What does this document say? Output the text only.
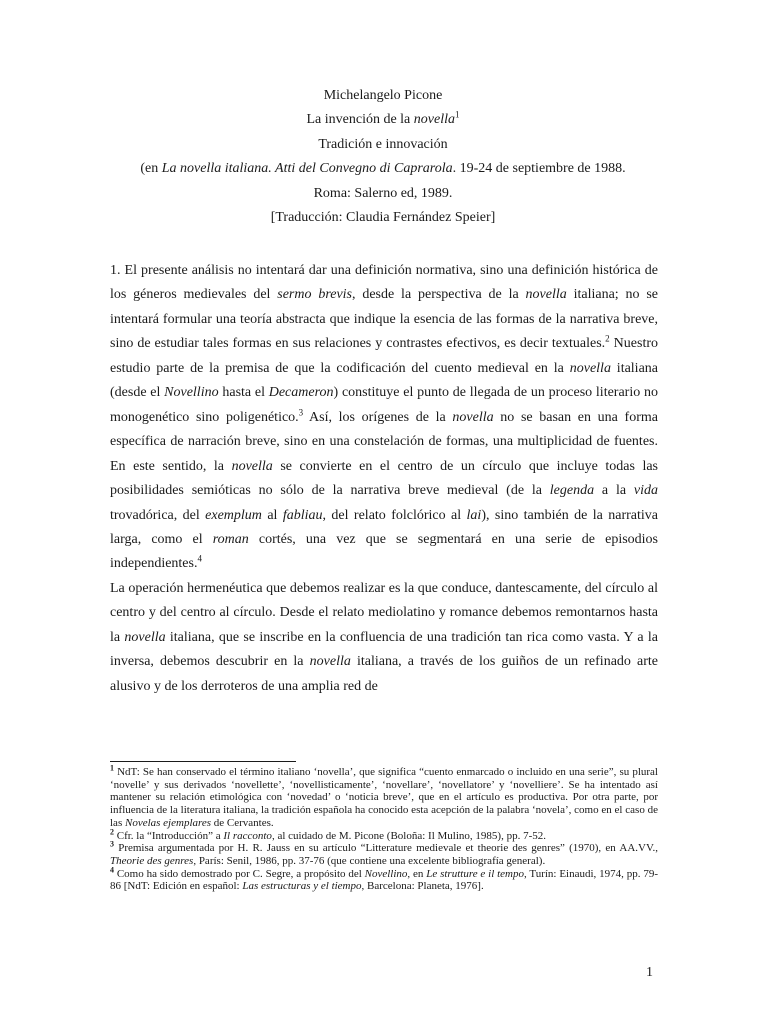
Michelangelo Picone
La invención de la novella$^1$
Tradición e innovación
(en La novella italiana. Atti del Convegno di Caprarola. 19-24 de septiembre de 1988.
Roma: Salerno ed, 1989.
[Traducción: Claudia Fernández Speier]

1. El presente análisis no intentará dar una definición normativa, sino una definición histórica de los géneros medievales del sermo brevis, desde la perspectiva de la novella italiana; no se intentará formular una teoría abstracta que indique la esencia de las formas de la narrativa breve, sino de estudiar tales formas en sus relaciones y contrastes efectivos, es decir textuales.$^2$ Nuestro estudio parte de la premisa de que la codificación del cuento medieval en la novella italiana (desde el Novellino hasta el Decameron) constituye el punto de llegada de un proceso literario no monogenético sino poligenético.$^3$ Así, los orígenes de la novella no se basan en una forma específica de narración breve, sino en una constelación de formas, una multiplicidad de fuentes. En este sentido, la novella se convierte en el centro de un círculo que incluye todas las posibilidades semióticas no sólo de la narrativa breve medieval (de la legenda a la vida trovadórica, del exemplum al fabliau, del relato folclórico al lai), sino también de la narrativa larga, como el roman cortés, una vez que se segmentará en una serie de episodios independientes.$^4$

La operación hermenéutica que debemos realizar es la que conduce, dantescamente, del círculo al centro y del centro al círculo. Desde el relato mediolatino y romance debemos remontarnos hasta la novella italiana, que se inscribe en la confluencia de una tradición tan rica como vasta. Y a la inversa, debemos descubrir en la novella italiana, a través de los guiños de un refinado arte alusivo y de los derroteros de una amplia red de

$^1$ NdT: Se han conservado el término italiano ‘novella’, que significa “cuento enmarcado o incluido en una serie”, su plural ‘novelle’ y sus derivados ‘novellette’, ‘novellisticamente’, ‘novellare’, ‘novellatore’ y ‘novelliere’. Se ha intentado así mantener su relación etimológica con ‘novedad’ o ‘noticia breve’, que en el artículo es productiva. Por otra parte, por influencia de la literatura italiana, la tradición española ha conocido esta acepción de la palabra ‘novela’, como en el caso de las Novelas ejemplares de Cervantes.

$^2$ Cfr. la “Introducción” a Il racconto, al cuidado de M. Picone (Boloña: Il Mulino, 1985), pp. 7-52.

$^3$ Premisa argumentada por H. R. Jauss en su artículo “Litterature medievale et theorie des genres” (1970), en AA.VV., Theorie des genres, París: Senil, 1986, pp. 37-76 (que contiene una excelente bibliografía general).

$^4$ Como ha sido demostrado por C. Segre, a propósito del Novellino, en Le strutture e il tempo, Turín: Einaudi, 1974, pp. 79-86 [NdT: Edición en español: Las estructuras y el tiempo, Barcelona: Planeta, 1976].

1
